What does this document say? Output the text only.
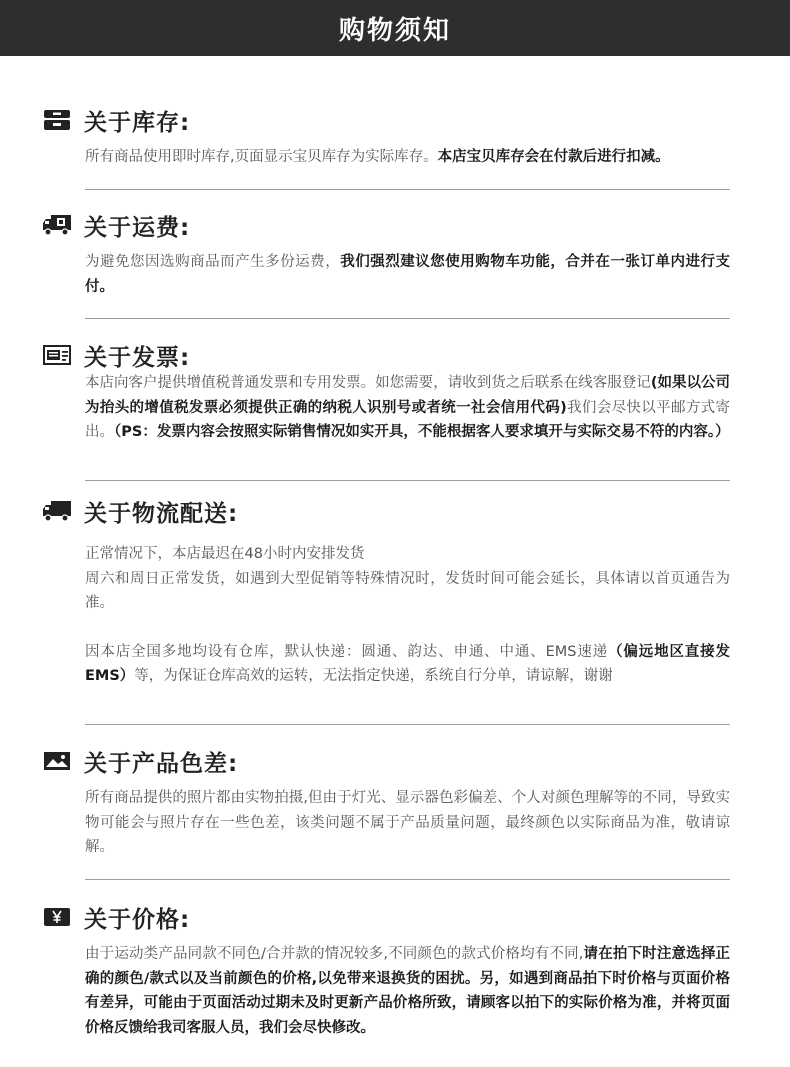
购物须知
关于库存:
所有商品使用即时库存,页面显示宝贝库存为实际库存。本店宝贝库存会在付款后进行扣减。
关于运费:
为避免您因选购商品而产生多份运费，我们强烈建议您使用购物车功能，合并在一张订单内进行支付。
关于发票:
本店向客户提供增值税普通发票和专用发票。如您需要，请收到货之后联系在线客服登记(如果以公司为抬头的增值税发票必须提供正确的纳税人识别号或者统一社会信用代码)我们会尽快以平邮方式寄出。（PS：发票内容会按照实际销售情况如实开具，不能根据客人要求填开与实际交易不符的内容。）
关于物流配送:
正常情况下，本店最迟在48小时内安排发货
周六和周日正常发货，如遇到大型促销等特殊情况时，发货时间可能会延长，具体请以首页通告为准。
因本店全国多地均设有仓库，默认快递：圆通、韵达、申通、中通、EMS速递（偏远地区直接发EMS）等，为保证仓库高效的运转，无法指定快递，系统自行分单，请谅解，谢谢
关于产品色差:
所有商品提供的照片都由实物拍摄,但由于灯光、显示器色彩偏差、个人对颜色理解等的不同，导致实物可能会与照片存在一些色差，该类问题不属于产品质量问题，最终颜色以实际商品为准，敬请谅解。
关于价格:
由于运动类产品同款不同色/合并款的情况较多,不同颜色的款式价格均有不同,请在拍下时注意选择正确的颜色/款式以及当前颜色的价格,以免带来退换货的困扰。另，如遇到商品拍下时价格与页面价格有差异，可能由于页面活动过期未及时更新产品价格所致，请顾客以拍下的实际价格为准，并将页面价格反馈给我司客服人员，我们会尽快修改。
